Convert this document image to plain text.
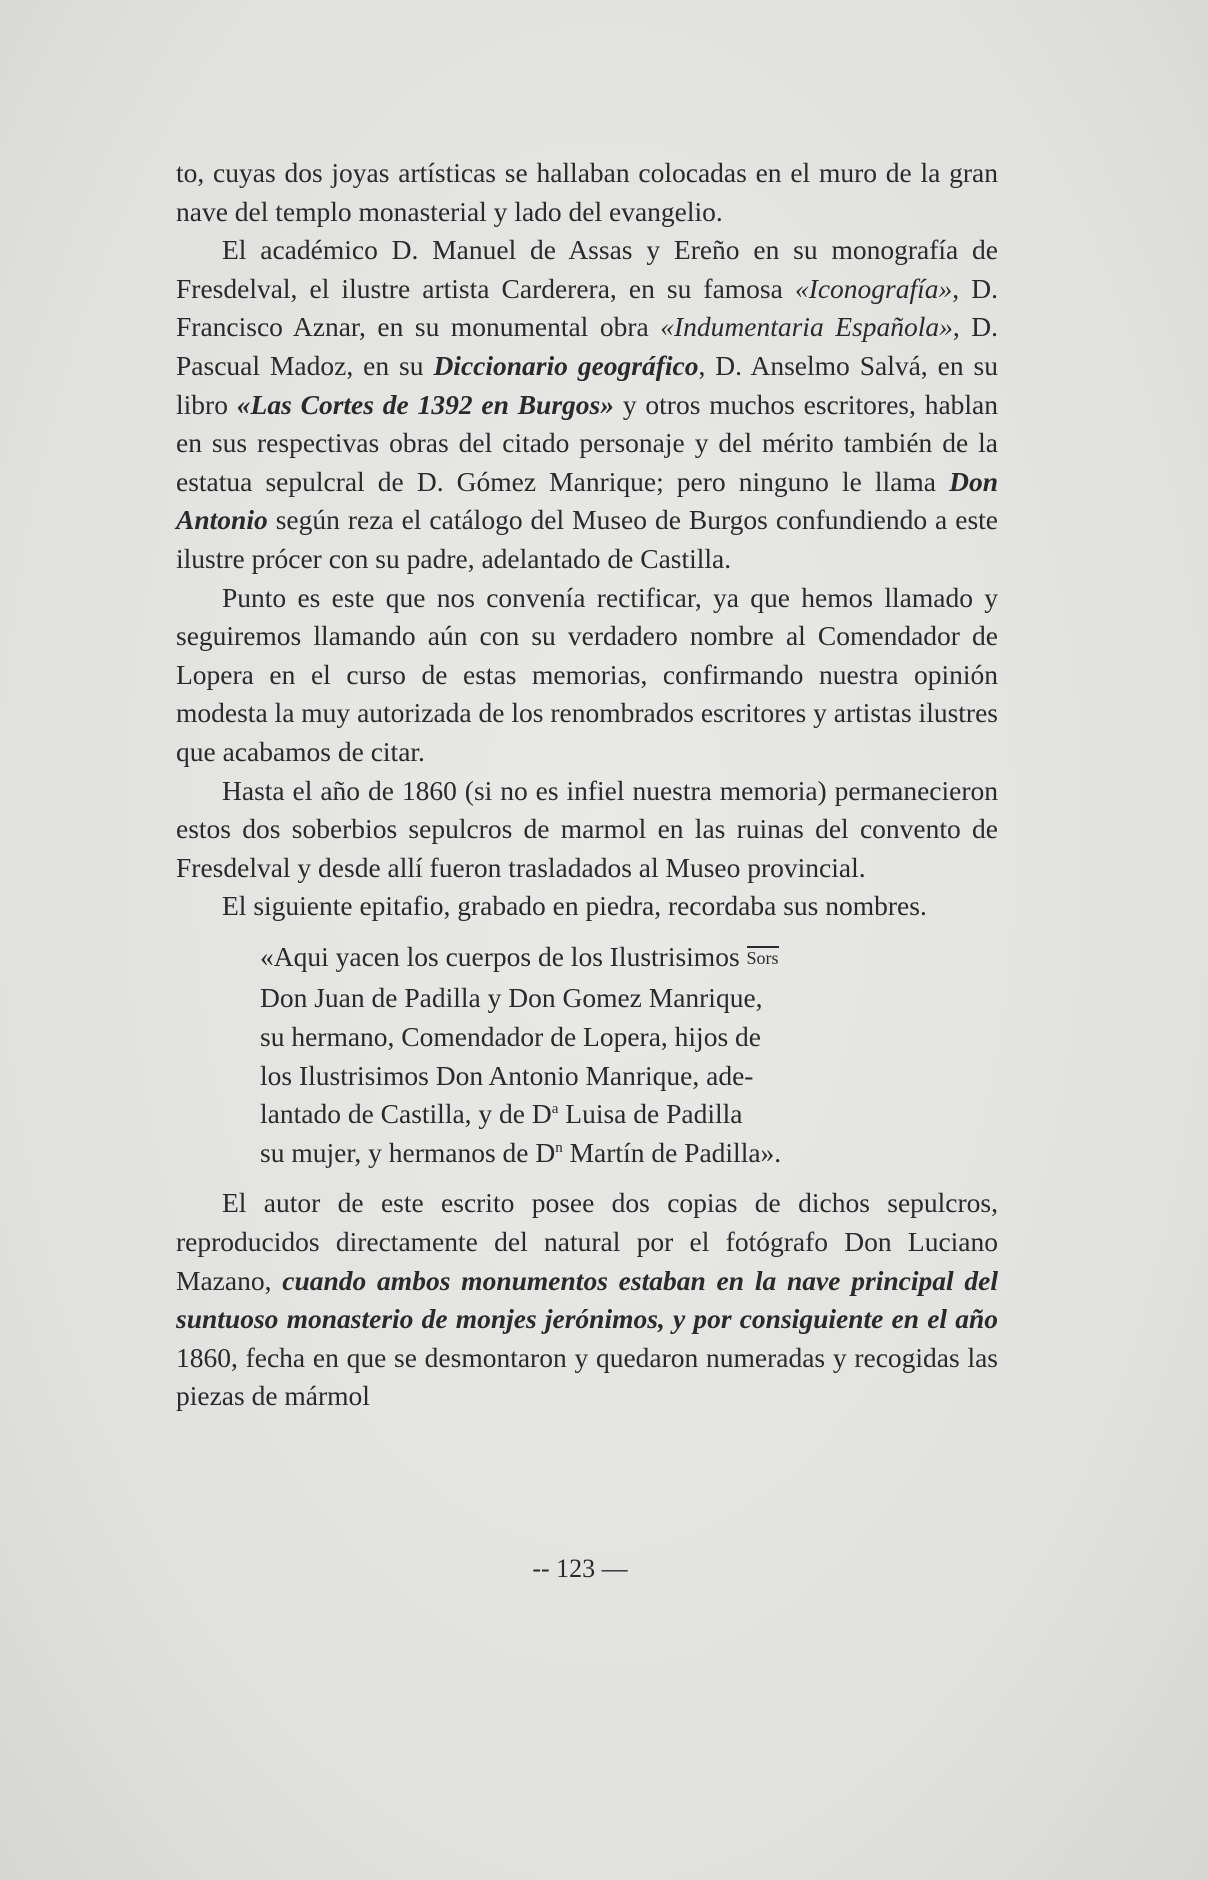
to, cuyas dos joyas artísticas se hallaban colocadas en el muro de la gran nave del templo monasterial y lado del evangelio.

El académico D. Manuel de Assas y Ereño en su monografía de Fresdelval, el ilustre artista Carderera, en su famosa «Iconografía», D. Francisco Aznar, en su monumental obra «Indumentaria Española», D. Pascual Madoz, en su Diccionario geográfico, D. Anselmo Salvá, en su libro «Las Cortes de 1392 en Burgos» y otros muchos escritores, hablan en sus respectivas obras del citado personaje y del mérito también de la estatua sepulcral de D. Gómez Manrique; pero ninguno le llama Don Antonio según reza el catálogo del Museo de Burgos confundiendo a este ilustre prócer con su padre, adelantado de Castilla.

Punto es este que nos convenía rectificar, ya que hemos llamado y seguiremos llamando aún con su verdadero nombre al Comendador de Lopera en el curso de estas memorias, confirmando nuestra opinión modesta la muy autorizada de los renombrados escritores y artistas ilustres que acabamos de citar.

Hasta el año de 1860 (si no es infiel nuestra memoria) permanecieron estos dos soberbios sepulcros de marmol en las ruinas del convento de Fresdelval y desde allí fueron trasladados al Museo provincial.

El siguiente epitafio, grabado en piedra, recordaba sus nombres.

«Aqui yacen los cuerpos de los Ilustrisimos Sors
Don Juan de Padilla y Don Gomez Manrique,
su hermano, Comendador de Lopera, hijos de
los Ilustrisimos Don Antonio Manrique, ade-
lantado de Castilla, y de $D^a$ Luisa de Padilla
su mujer, y hermanos de $D^n$ Martín de Padilla».

El autor de este escrito posee dos copias de dichos sepulcros, reproducidos directamente del natural por el fotógrafo Don Luciano Mazano, cuando ambos monumentos estaban en la nave principal del suntuoso monasterio de monjes jerónimos, y por consiguiente en el año 1860, fecha en que se desmontaron y quedaron numeradas y recogidas las piezas de mármol

-- 123 —
